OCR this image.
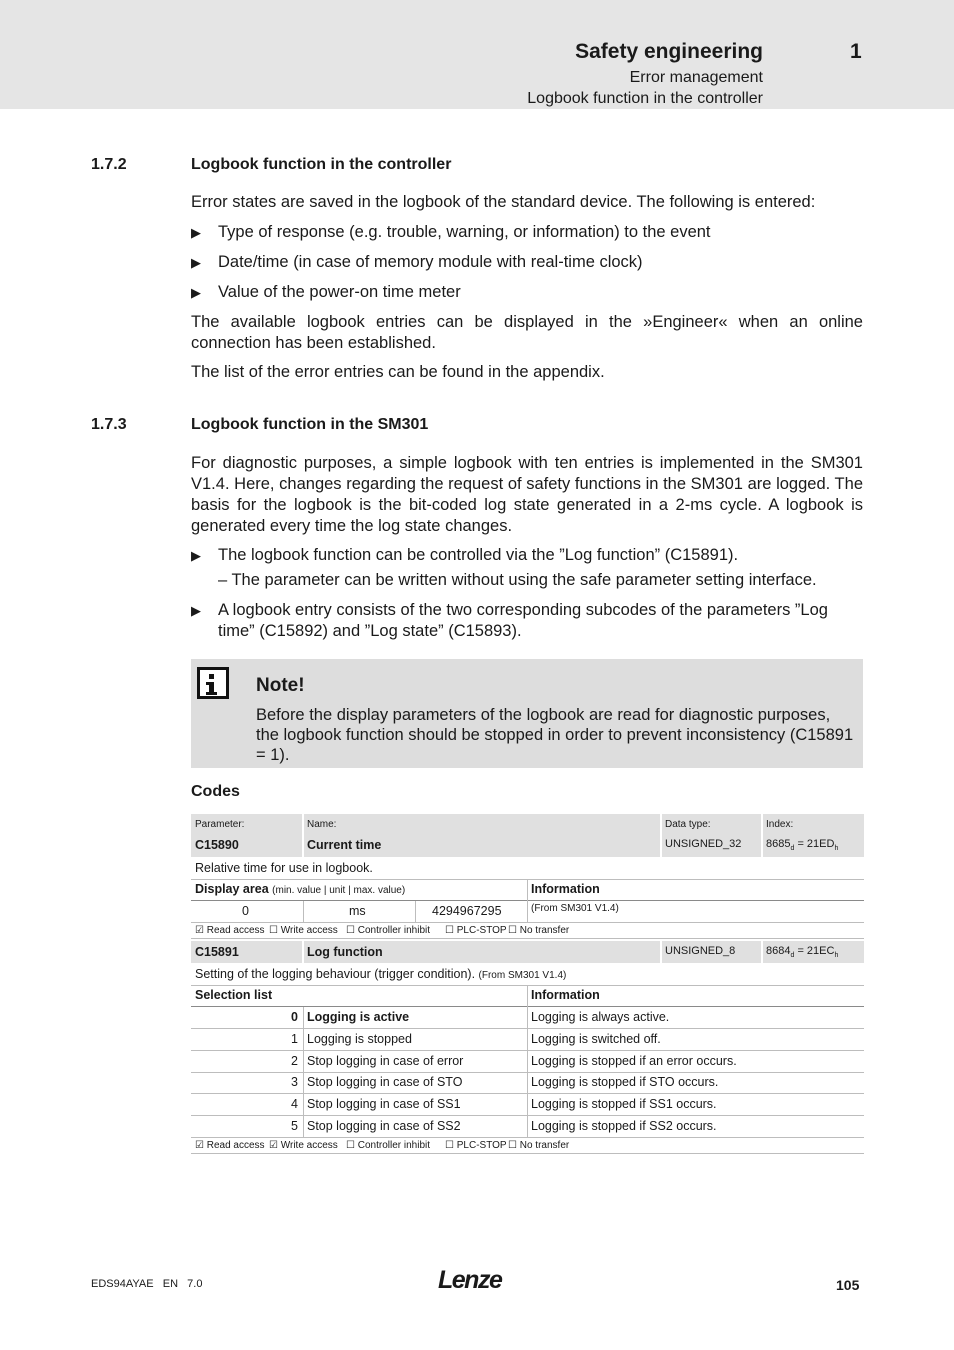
Safety engineering	1
Error management
Logbook function in the controller
1.7.2	Logbook function in the controller
Error states are saved in the logbook of the standard device. The following is entered:
▶ Type of response (e.g. trouble, warning, or information) to the event
▶ Date/time (in case of memory module with real-time clock)
▶ Value of the power-on time meter
The available logbook entries can be displayed in the »Engineer« when an online connection has been established.
The list of the error entries can be found in the appendix.
1.7.3	Logbook function in the SM301
For diagnostic purposes, a simple logbook with ten entries is implemented in the SM301 V1.4. Here, changes regarding the request of safety functions in the SM301 are logged. The basis for the logbook is the bit-coded log state generated in a 2-ms cycle. A logbook is generated every time the log state changes.
▶ The logbook function can be controlled via the ”Log function” (C15891).
– The parameter can be written without using the safe parameter setting interface.
▶ A logbook entry consists of the two corresponding subcodes of the parameters ”Log time” (C15892) and ”Log state” (C15893).
Note!
Before the display parameters of the logbook are read for diagnostic purposes, the logbook function should be stopped in order to prevent inconsistency (C15891 = 1).
Codes
Parameter:	Name:	Data type:	Index:
C15890	Current time	UNSIGNED_32 $8685_d = 21ED_h$
Relative time for use in logbook.
Display area (min. value | unit | max. value)	Information
0	ms	4294967295	(From SM301 V1.4)
☑ Read access ☐ Write access ☐ Controller inhibit ☐ PLC-STOP ☐ No transfer
C15891	Log function	UNSIGNED_8	$8684_d = 21EC_h$
Setting of the logging behaviour (trigger condition). (From SM301 V1.4)
Selection list	Information
0 Logging is active	Logging is always active.
1 Logging is stopped	Logging is switched off.
2 Stop logging in case of error	Logging is stopped if an error occurs.
3 Stop logging in case of STO	Logging is stopped if STO occurs.
4 Stop logging in case of SS1	Logging is stopped if SS1 occurs.
5 Stop logging in case of SS2	Logging is stopped if SS2 occurs.
☑ Read access ☑ Write access ☐ Controller inhibit ☐ PLC-STOP ☐ No transfer
EDS94AYAE   EN   7.0	Lenze	105
